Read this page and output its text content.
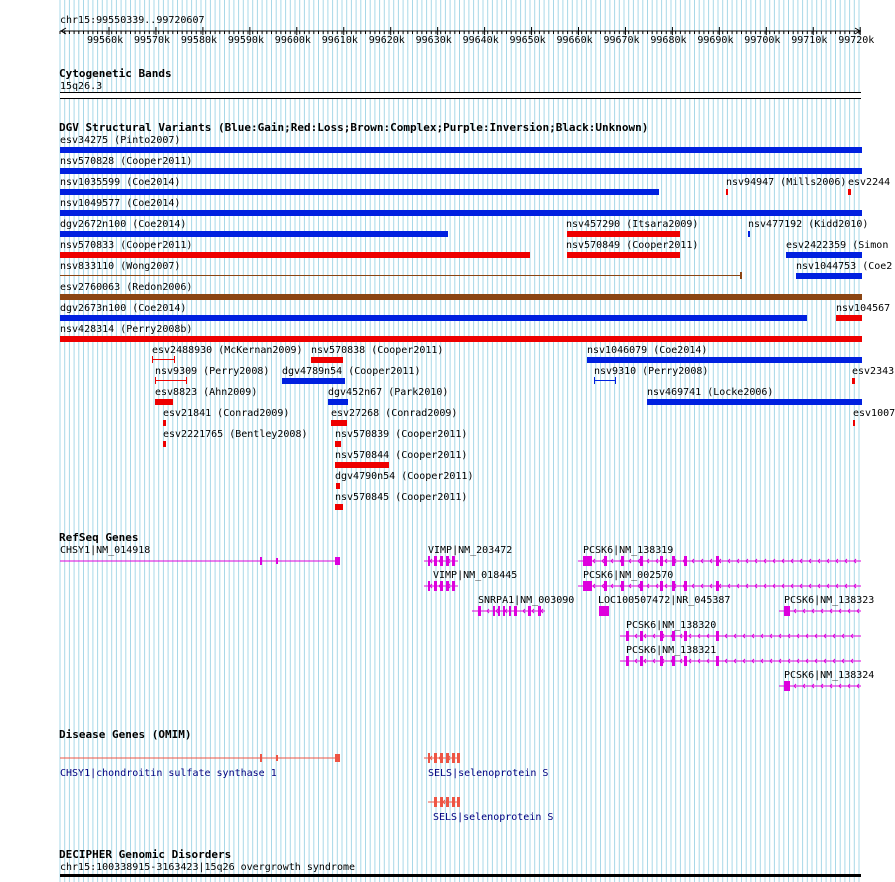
chr15:99550339..99720607
99560k 99570k 99580k 99590k 99600k 99610k 99620k 99630k 99640k 99650k 99660k 99670k 99680k 99690k 99700k 99710k 99720k
Cytogenetic Bands
15q26.3
DGV Structural Variants (Blue:Gain;Red:Loss;Brown:Complex;Purple:Inversion;Black:Unknown)
esv34275 (Pinto2007)
nsv570828 (Cooper2011)
nsv1035599 (Coe2014)	nsv94947 (Mills2006) esv2244
nsv1049577 (Coe2014)
dgv2672n100 (Coe2014)	nsv457290 (Itsara2009)	nsv477192 (Kidd2010)
nsv570833 (Cooper2011)	nsv570849 (Cooper2011)	esv2422359 (Simon
nsv833110 (Wong2007)	nsv1044753 (Coe2
esv2760063 (Redon2006)
dgv2673n100 (Coe2014)	nsv104567
nsv428314 (Perry2008b)
esv2488930 (McKernan2009) nsv570838 (Cooper2011)	nsv1046079 (Coe2014)
nsv9309 (Perry2008) dgv4789n54 (Cooper2011)	nsv9310 (Perry2008)	esv2343
esv8823 (Ahn2009)	dgv452n67 (Park2010)	nsv469741 (Locke2006)
esv21841 (Conrad2009)	esv27268 (Conrad2009)	esv1007
esv2221765 (Bentley2008)	nsv570839 (Cooper2011)
nsv570844 (Cooper2011)
dgv4790n54 (Cooper2011)
nsv570845 (Cooper2011)
RefSeq Genes
CHSY1|NM_014918	VIMP|NM_203472	PCSK6|NM_138319
VIMP|NM_018445	PCSK6|NM_002570
SNRPA1|NM_003090 LOC100507472|NR_045387	PCSK6|NM_138323
PCSK6|NM_138320
PCSK6|NM_138321
PCSK6|NM_138324
Disease Genes (OMIM)
CHSY1|chondroitin sulfate synthase 1	SELS|selenoprotein S
SELS|selenoprotein S
DECIPHER Genomic Disorders
chr15:100338915-3163423|15q26 overgrowth syndrome
